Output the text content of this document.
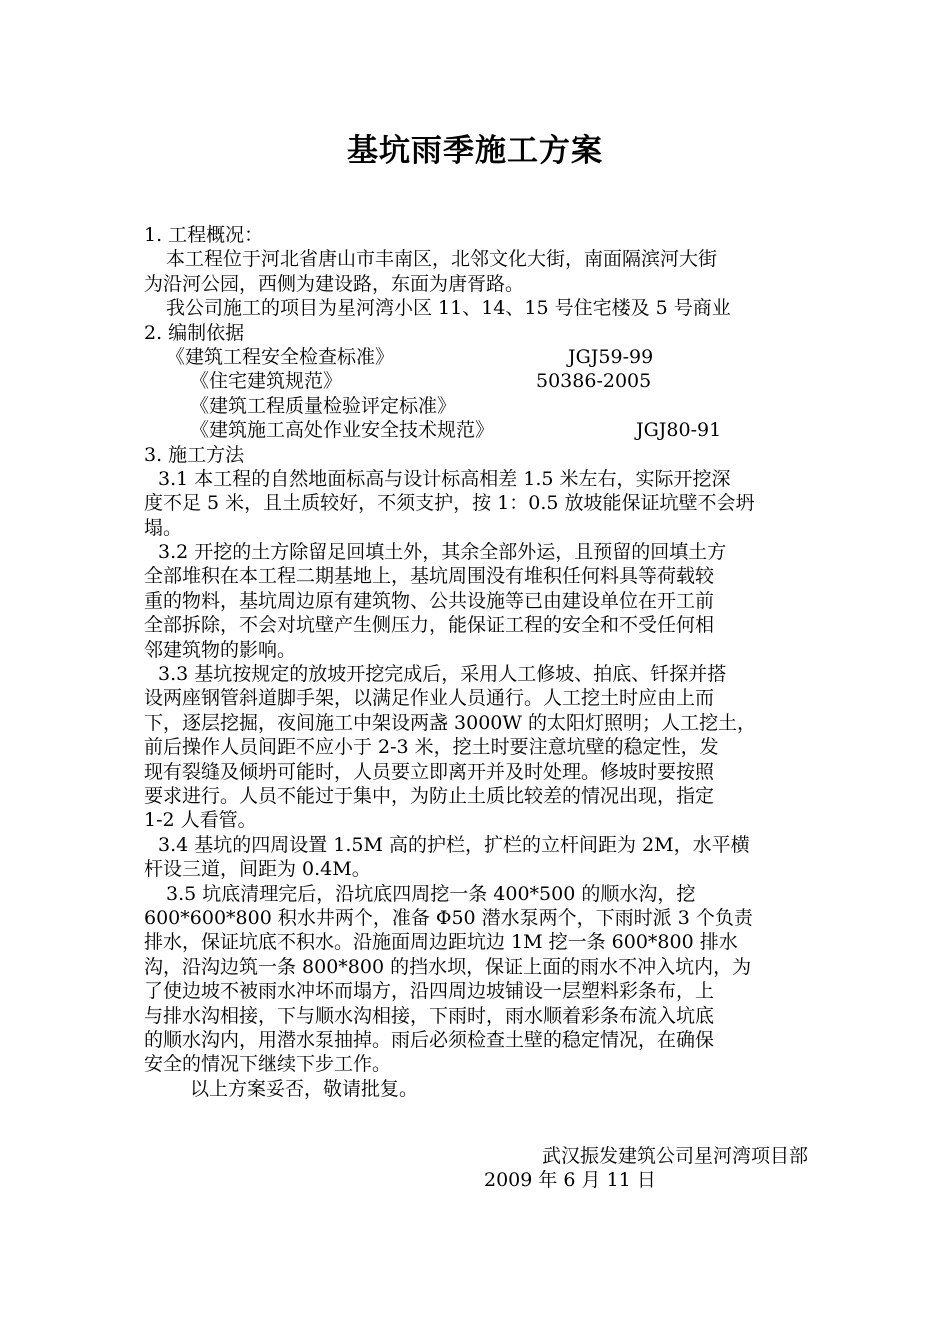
基坑雨季施工方案
1. 工程概况：
本工程位于河北省唐山市丰南区，北邻文化大街，南面隔滨河大街
为沿河公园，西侧为建设路，东面为唐胥路。
我公司施工的项目为星河湾小区 11、14、15 号住宅楼及 5 号商业
2. 编制依据
《建筑工程安全检查标准》	JGJ59-99
《住宅建筑规范》	50386-2005
《建筑工程质量检验评定标准》
《建筑施工高处作业安全技术规范》	JGJ80-91
3. 施工方法
3.1 本工程的自然地面标高与设计标高相差 1.5 米左右，实际开挖深
度不足 5 米，且土质较好，不须支护，按 1：0.5 放坡能保证坑壁不会坍
塌。
3.2 开挖的土方除留足回填土外，其余全部外运，且预留的回填土方
全部堆积在本工程二期基地上，基坑周围没有堆积任何料具等荷载较
重的物料，基坑周边原有建筑物、公共设施等已由建设单位在开工前
全部拆除，不会对坑壁产生侧压力，能保证工程的安全和不受任何相
邻建筑物的影响。
3.3 基坑按规定的放坡开挖完成后，采用人工修坡、拍底、钎探并搭
设两座钢管斜道脚手架，以满足作业人员通行。人工挖土时应由上而
下，逐层挖掘，夜间施工中架设两盏 3000W 的太阳灯照明；人工挖土，
前后操作人员间距不应小于 2-3 米，挖土时要注意坑壁的稳定性，发
现有裂缝及倾坍可能时，人员要立即离开并及时处理。修坡时要按照
要求进行。人员不能过于集中，为防止土质比较差的情况出现，指定
1-2 人看管。
3.4 基坑的四周设置 1.5M 高的护栏，扩栏的立杆间距为 2M，水平横
杆设三道，间距为 0.4M。
3.5 坑底清理完后，沿坑底四周挖一条 400*500 的顺水沟，挖
600*600*800 积水井两个，准备 Φ50 潜水泵两个，下雨时派 3 个负责
排水，保证坑底不积水。沿施面周边距坑边 1M 挖一条 600*800 排水
沟，沿沟边筑一条 800*800 的挡水坝，保证上面的雨水不冲入坑内，为
了使边坡不被雨水冲坏而塌方，沿四周边坡铺设一层塑料彩条布，上
与排水沟相接，下与顺水沟相接，下雨时，雨水顺着彩条布流入坑底
的顺水沟内，用潜水泵抽掉。雨后必须检查土壁的稳定情况，在确保
安全的情况下继续下步工作。
以上方案妥否，敬请批复。
武汉振发建筑公司星河湾项目部
2009 年 6 月 11 日
